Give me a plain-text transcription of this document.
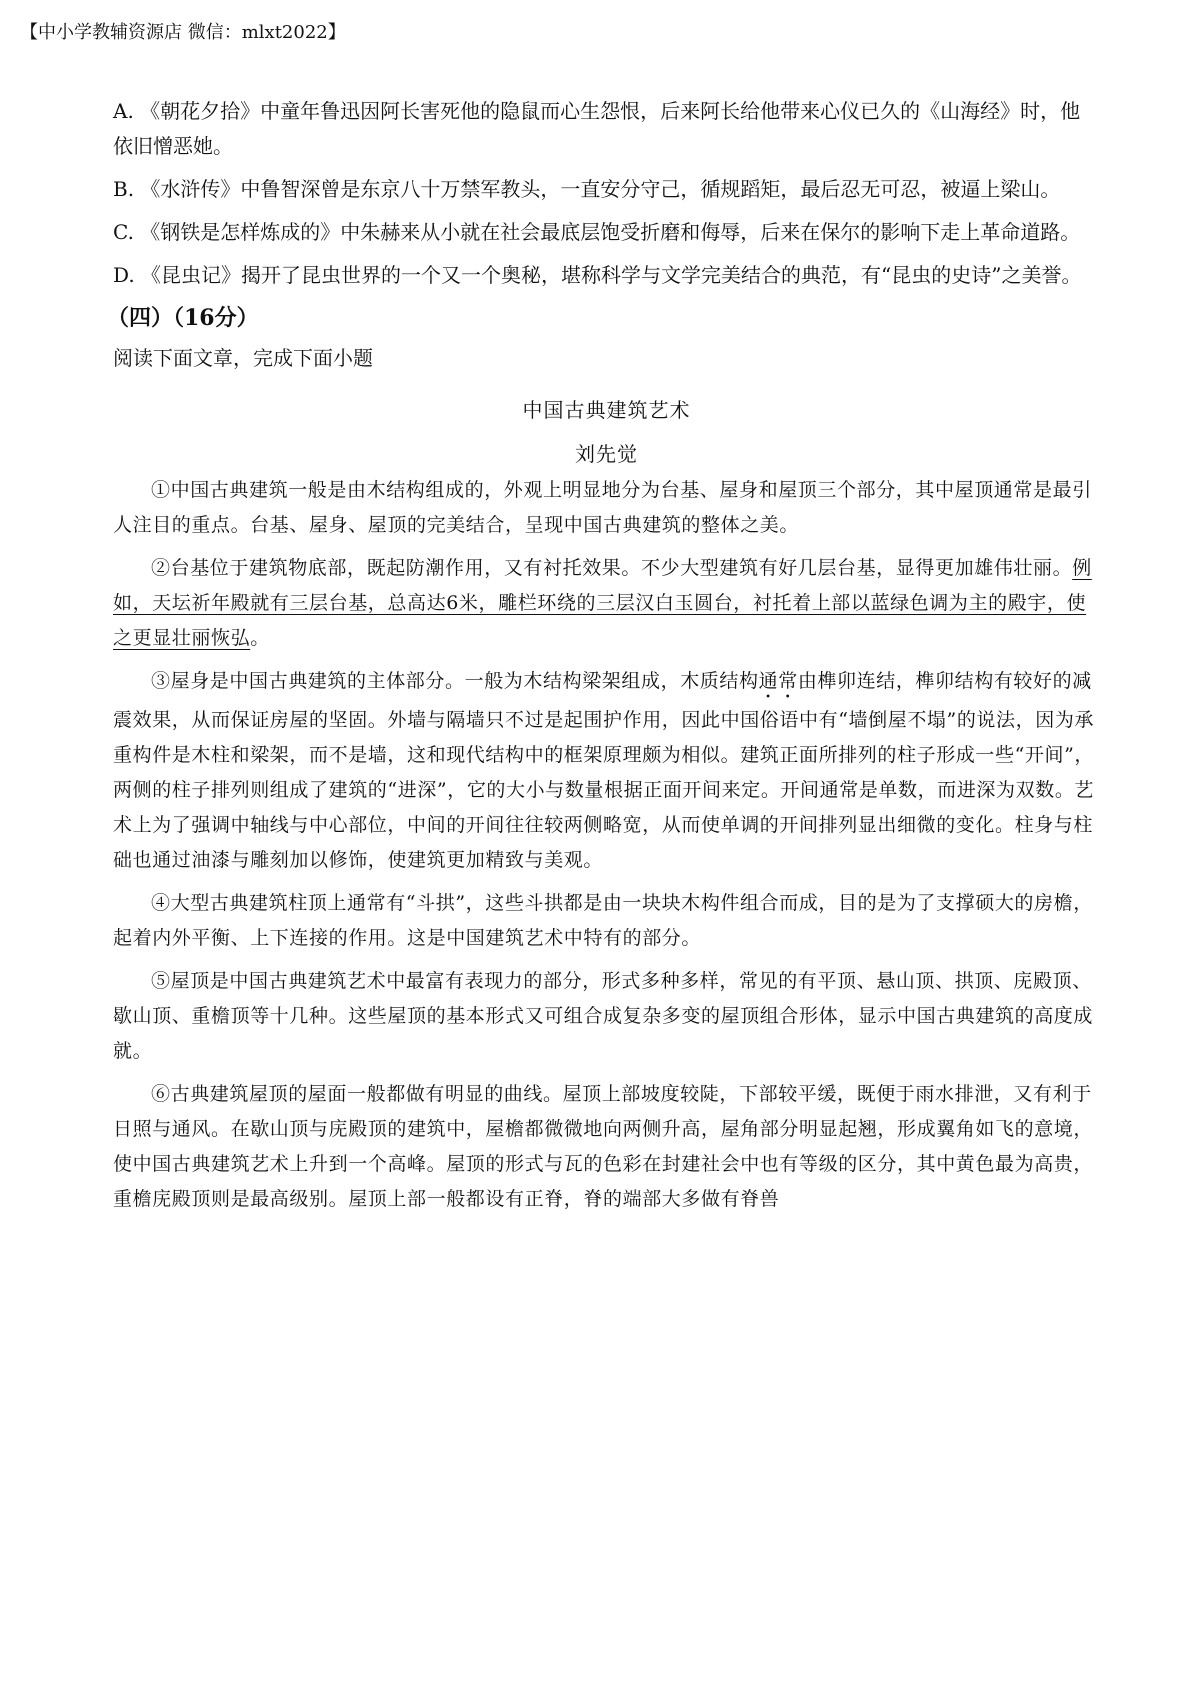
【中小学教辅资源店 微信：mlxt2022】

A. 《朝花夕拾》中童年鲁迅因阿长害死他的隐鼠而心生怨恨，后来阿长给他带来心仪已久的《山海经》时，他依旧憎恶她。

B. 《水浒传》中鲁智深曾是东京八十万禁军教头，一直安分守己，循规蹈矩，最后忍无可忍，被逼上梁山。

C. 《钢铁是怎样炼成的》中朱赫来从小就在社会最底层饱受折磨和侮辱，后来在保尔的影响下走上革命道路。

D. 《昆虫记》揭开了昆虫世界的一个又一个奥秘，堪称科学与文学完美结合的典范，有“昆虫的史诗”之美誉。

（四）（16分）
阅读下面文章，完成下面小题
中国古典建筑艺术
刘先觉

①中国古典建筑一般是由木结构组成的，外观上明显地分为台基、屋身和屋顶三个部分，其中屋顶通常是最引人注目的重点。台基、屋身、屋顶的完美结合，呈现中国古典建筑的整体之美。

②台基位于建筑物底部，既起防潮作用，又有衬托效果。不少大型建筑有好几层台基，显得更加雄伟壮丽。例如，天坛祈年殿就有三层台基，总高达6米，雕栏环绕的三层汉白玉圆台，衬托着上部以蓝绿色调为主的殿宇，使之更显壮丽恢弘。

③屋身是中国古典建筑的主体部分。一般为木结构梁架组成，木质结构通常由榫卯连结，榫卯结构有较好的减震效果，从而保证房屋的坚固。外墙与隔墙只不过是起围护作用，因此中国俗语中有“墙倒屋不塌”的说法，因为承重构件是木柱和梁架，而不是墙，这和现代结构中的框架原理颇为相似。建筑正面所排列的柱子形成一些“开间”，两侧的柱子排列则组成了建筑的“进深”，它的大小与数量根据正面开间来定。开间通常是单数，而进深为双数。艺术上为了强调中轴线与中心部位，中间的开间往往较两侧略宽，从而使单调的开间排列显出细微的变化。柱身与柱础也通过油漆与雕刻加以修饰，使建筑更加精致与美观。

④大型古典建筑柱顶上通常有“斗拱”，这些斗拱都是由一块块木构件组合而成，目的是为了支撑硕大的房檐，起着内外平衡、上下连接的作用。这是中国建筑艺术中特有的部分。

⑤屋顶是中国古典建筑艺术中最富有表现力的部分，形式多种多样，常见的有平顶、悬山顶、拱顶、庑殿顶、歇山顶、重檐顶等十几种。这些屋顶的基本形式又可组合成复杂多变的屋顶组合形体，显示中国古典建筑的高度成就。

⑥古典建筑屋顶的屋面一般都做有明显的曲线。屋顶上部坡度较陡，下部较平缓，既便于雨水排泄，又有利于日照与通风。在歇山顶与庑殿顶的建筑中，屋檐都微微地向两侧升高，屋角部分明显起翘，形成翼角如飞的意境，使中国古典建筑艺术上升到一个高峰。屋顶的形式与瓦的色彩在封建社会中也有等级的区分，其中黄色最为高贵，重檐庑殿顶则是最高级别。屋顶上部一般都设有正脊，脊的端部大多做有脊兽
